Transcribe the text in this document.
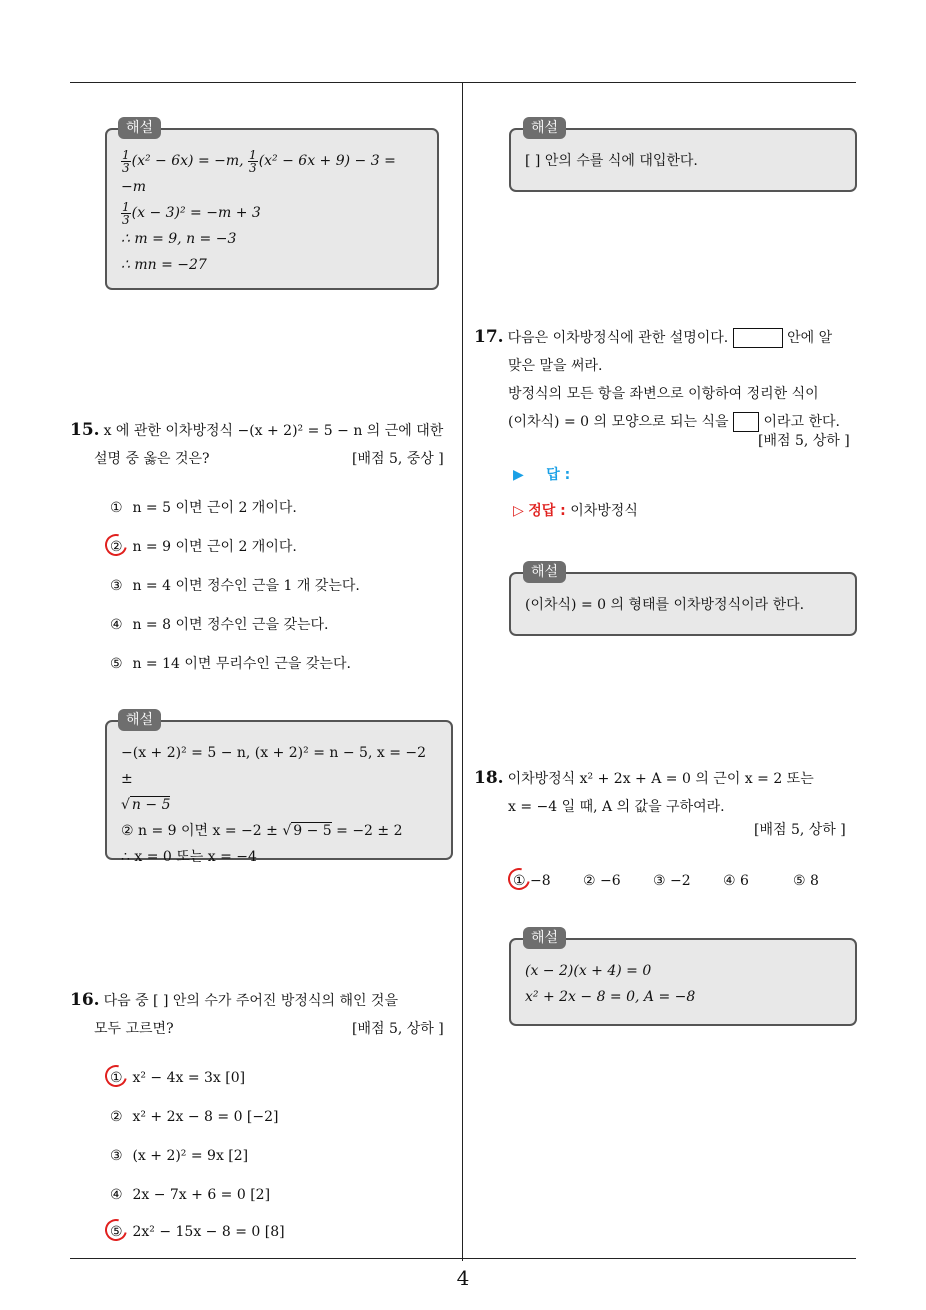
4
$\frac{1}{3} (x^2 - 6x) = -m$, $\frac{1}{3} (x^2 - 6x + 9) - 3 = -m$
$\frac{1}{3} (x - 3)^2 = -m + 3$
∴ m = 9, n = −3
∴ mn = −27
해설
15. x 에 관한 이차방정식 −(x + 2)² = 5 − n 의 근에 대한
설명 중 옳은 것은?	[배점 5, 중상 ]
① n = 5 이면 근이 2 개이다.
② n = 9 이면 근이 2 개이다.
③ n = 4 이면 정수인 근을 1 개 갖는다.
④ n = 8 이면 정수인 근을 갖는다.
⑤ n = 14 이면 무리수인 근을 갖는다.
−(x + 2)² = 5 − n, (x + 2)² = n − 5, x = −2 ±
√ n − 5
② n = 9 이면 x = −2 ± √ 9 − 5 = −2 ± 2
∴ x = 0 또는 x = −4
해설
16. 다음 중 [ ] 안의 수가 주어진 방정식의 해인 것을
모두 고르면?	[배점 5, 상하 ]
① x² − 4x = 3x [0]
② x² + 2x − 8 = 0 [−2]
③ (x + 2)² = 9x [2]
④ 2x − 7x + 6 = 0 [2]
⑤ 2x² − 15x − 8 = 0 [8]
[ ] 안의 수를 식에 대입한다.
해설
17. 다음은 이차방정식에 관한 설명이다.	안에 알
맞은 말을 써라.
방정식의 모든 항을 좌변으로 이항하여 정리한 식이
(이차식) = 0 의 모양으로 되는 식을 이라고 한다.
[배점 5, 상하 ]
▶ 답 :
▷ 정답 : 이차방정식
(이차식) = 0 의 형태를 이차방정식이라 한다.
해설
18. 이차방정식 x² + 2x + A = 0 의 근이 x = 2 또는
x = −4 일 때, A 의 값을 구하여라.
[배점 5, 상하 ]
① −8 ② −6 ③ −2 ④ 6	⑤ 8
(x − 2)(x + 4) = 0
x² + 2x − 8 = 0, A = −8
해설
